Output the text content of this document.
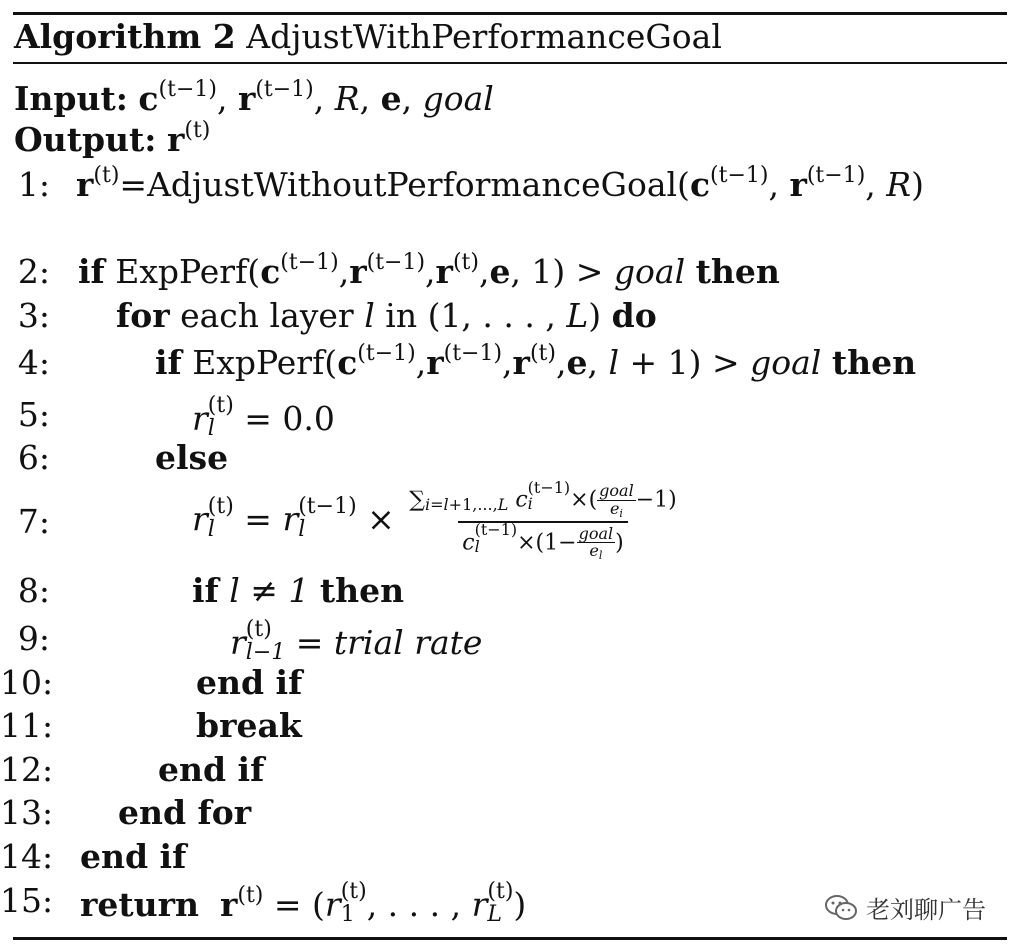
Algorithm 2 AdjustWithPerformanceGoal
Input: $c^{(t-1)}$, $r^{(t-1)}$, R, e, goal
Output: $r^{(t)}$
1: $r^{(t)}=AdjustWithoutPerformanceGoal(c^{(t-1)}$, $r^{(t-1)}$, R)
2: if $ExpPerf(c^{(t-1)},r^{(t-1)},r^{(t)},e$, 1) > goal then
3: for each layer l in (1, . . . , L) do
4:	if $ExpPerf(c^{(t-1)},r^{(t-1)},r^{(t)},e$, l + 1) > goal then
5:	r (t)
l = 0.0
6:	else
7:	r (t)
l = r (t−1)
l	× $\sum_{i=l+1,...,L}$ c
(t−1)
i	×( goal
$e_i$
−1)
c
(t−1)
l	×(1− goal
$e_l$
)
8:	if l ≠ 1 then
9:	r (t)
l−1 = trial rate
10:	end if
11:	break
12:	end if
13: end for
14: end if
15: return $r^{(t)} = (r$ (t)
1 , . . . , r (t)
L )	老刘聊广告
